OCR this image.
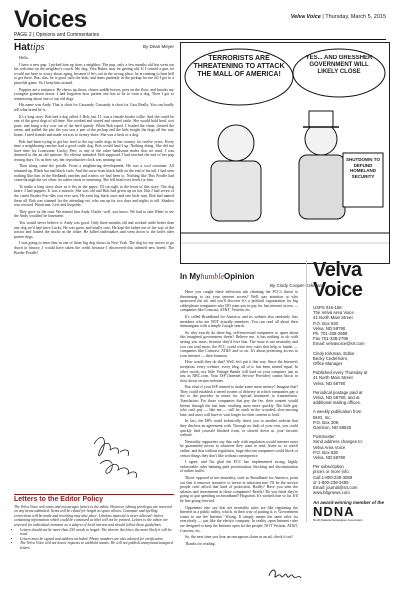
Voices	Velva Voice | Thursday, March 5, 2015
PAGE 2 | Opinions and Commentaries
Hattips	By Dean Meyer

Hello,

I have a new pup. I picked him up from a neighbor. The pup, only a few months old but went out his welcome on the neighbor's couch. My dog, Vera Baker, may be getting old. If I carried a gun, he would not have to worry about aging, because if he's out in the wrong place, he is running to beat hell to get there. But, alas, he is good with the kids, and leans patiently in the pickup for me till I get to a pinochle game. So I keep him around.

Puppies are a nuisance. He chews up shoes, chases saddle horses, pees on the floor, and knocks my youngest grandson down. I had forgotten how patient one has to be to train a dog. Then I got to reminiscing about one of our old dogs.

His name was Andy. That is short for Cassandy. Cassandy is short for Cass Really. You can hardly tell what breed he is.

It's a long story. Bob had a dog called J. Bob, but J.J. was a female border collie. And she could be one of the great dogs of all time. She worked and stayed and sensed cattle. She would hold herd, sort pairs, and bring a dry cow out of the herd quietly. When Bob roped J. loaded the chute, cleared the arena, and pulled the pin, the you saw a pen of the pickup and the kids fought the dogs all the way home. I tried friends and made corn as to twenty-three. She was a heck of a dog.

Bob had been trying to get her bred to the top cattle dogs in the country for twelve years. Every time a neighboring rancher had a good cattle dog, Bob would haul J.up. Nothing doing. She did not have time for Lonesome, Lucky, Pete, or any of the other handsome males that we used. I was destined to die an old spinster. No offense intended. Bob supposed J had reached the end of her pup rearing days. Or, as they say, her reproductive clock was running out.

Then along came the poodle. From a neighboring development. He was a cool customer. All trimmed up. Black hat and black curls. And the curse from black balls on the end of his tail. I had seen nothing like him in the Redlands ranches and rodeos we had been to. Nothing like This Poodle had come through the vet clinic for rabies shots or neutering. She fell head over heels for him.

To make a long story short as it fits in the paper, I'll cut right to the heart of this story. The dog heart: J had puppies. It was a miracle. She was old and Bob had given up on her. But J had seven of the cutest Border Poo-dles you ever saw. He even big black ones and one little runt. Bob had named them all. Bob was stunned for the attending vet, who ran up for two days and nights to tell. Shadow was rescued. Hurricane, Levi and Jeopardy.

They gave us the runt. We named him Andy Clarke, well, you know. We had to take Rhett to see the Andy wouldn't be lonesome.

You would never believe it. Andy was good. Only three months old and worked cattle better than any dog we'd had since Lucky. He was great, and totally cute. He kept the ladies out of the way of the tractor and loaded the trucks in the chute. He killed rattlesnakes and went down to the holes after prairie dogs.

I was going to enter him in one of those big dog shows in New York. The dog for my tractor to go down to history. I would have taken the credit because I discovered this talented new breed: The Border Poodle!

Letters to the Editor Policy
The Velva Voice welcomes and encourages letters to the editor. However, editing privileges are reserved on any items submitted. Items will be edited for length as space allows. Grammar and spelling corrections will be made and rewriting may take place. Libelous material is never allowed; letters containing information which could be construed as libel will not be printed. Letters to the editor are reserved for individual comment on a subject of local interest and should follow these guidelines:
• Letters should not be more than 250 words in length. The shorter the letter, the more likely it will be read.
• Letters must be signed and address included. Phone numbers are also advised for verification.
• The Velva Voice will not honor requests to withhold names. We will not publish anonymous/unsigned letters.
TERRORISTS ARE THREATENING TO ATTACK THE MALL OF AMERICA!
YES... AND GRESSHER GOVERNMENT WILL LIKELY CLOSE
SHUTDOWN TO DEFUND HOMELAND SECURITY
In MyhumbleOpinion
By Cindy Cooper-Kirkman

Have you caught these television ads claiming the FCC's threat to threatening to tax your internet access? Well, pay attention to who sponsored the ad, and you'll discover it's a political organization for big cable/phone companies who DO want you to pay for fast internet access — companies like Comcast, AT&T, Verizon, etc.

It's called Broadband for America, and its website also randomly lists members who are NOT actually members. You can read all about their shenanigans with a simple Google search.

So why exactly do these big, self-interested companies so upset about this imagined government threat? Believe me, it has nothing to do with saving you taxes, because they'd love that. The issue is net neutrality and you can read more, the FCC could write new rules that help or hinder — companies like Comcast, AT&T and so on. It's about protecting access to your internet — their business.

How would they do that? Well, let's put it this way. Since the Internet's inception, every website, every blog, all of it, has been treated equal. In other words, my little Vintage Bambi will load on your computer just as fast as NBC.com. Your ISP (Internet Service Provider) cannot block or slow down certain websites.

But what if your ISP wanted to make some more money? Imagine that? They could establish a tiered system of delivery in which companies pay a fee to the provider in return for 'special treatment' to transmission. Translation: For those companies that pay the fee, their content would breeze through the fast lane, reaching users more quickly. The little guy who can't pay — like me — will be stuck in the crowded, slow-moving lane, and users will have to wait longer for their content to load.

In fact, the ISPs could technically direct you to another website that they disclose an agreement with. Through no fault of your own, you could quickly find yourself blocked from, or slowed down at, your favorite website.

Neutrality supporters say that only with regulation would internet users be guaranteed access to whatever they want to read, listen to, or watch online, and that without regulation, large telecom companies could block or censor things they don't like without consequence.

I agree, and I'm glad the FCC has implemented strong, highly enforceable rules banning paid prioritization, blocking and discrimination of online traffic.

Those opposed to net neutrality, such as Broadband for America, point out that it removes incentive to invest in infrastructure. I'll be the service people can't afford that kind of protection. Really? Have you seen the salaries and investments in those companies? Really? Do you think they're going to quit spending on broadband? Hogwash. It's worked fine so far. It'll be fine going forward.

Opponents also say that net neutrality rules are like regulating the Internet as a public utility, which, in their way of putting it, is 'Government wants to run the Internet.' Wrong. It simply means the same rules for everybody — just like the electric company. In reality, open Internet rules are designed to keep the Internet open for the people, NOT Verizon, AT&T, Comcast, etc.

So, the next time you hear an outrageous claim in an ad, check it out!

Thanks for reading.

Velva
Voice

USPS 016-156
The Velva Area Voice
41 North Main Street
P.O. Box 630
Velva, ND 58790
Ph. 701-338-2599
Fax 701-338-2795
Email: velvavoice@srt.com

Cindy Kirkman, Editor
Becky Cederholm,
Office Manager

Published every Thursday at
41 North Main Street
Velva, ND 58790

Periodical postage paid at
Velva, ND 58790, and at
additional mailing offices.

A weekly publication from
BHG, Inc.
P.O. Box 309,
Garrison, ND 58540

Postmaster:
Send address changes to:
Velva Area Voice
P.O. Box 630
Velva, ND 58790

Per subscription
prices or more info.
Call 1-800-238-3089
or 1-800-238-3485
Email: journal@srt.com
www.bhgnews.com

An award-winning member of the
NDNA
North Dakota Newspaper Association
